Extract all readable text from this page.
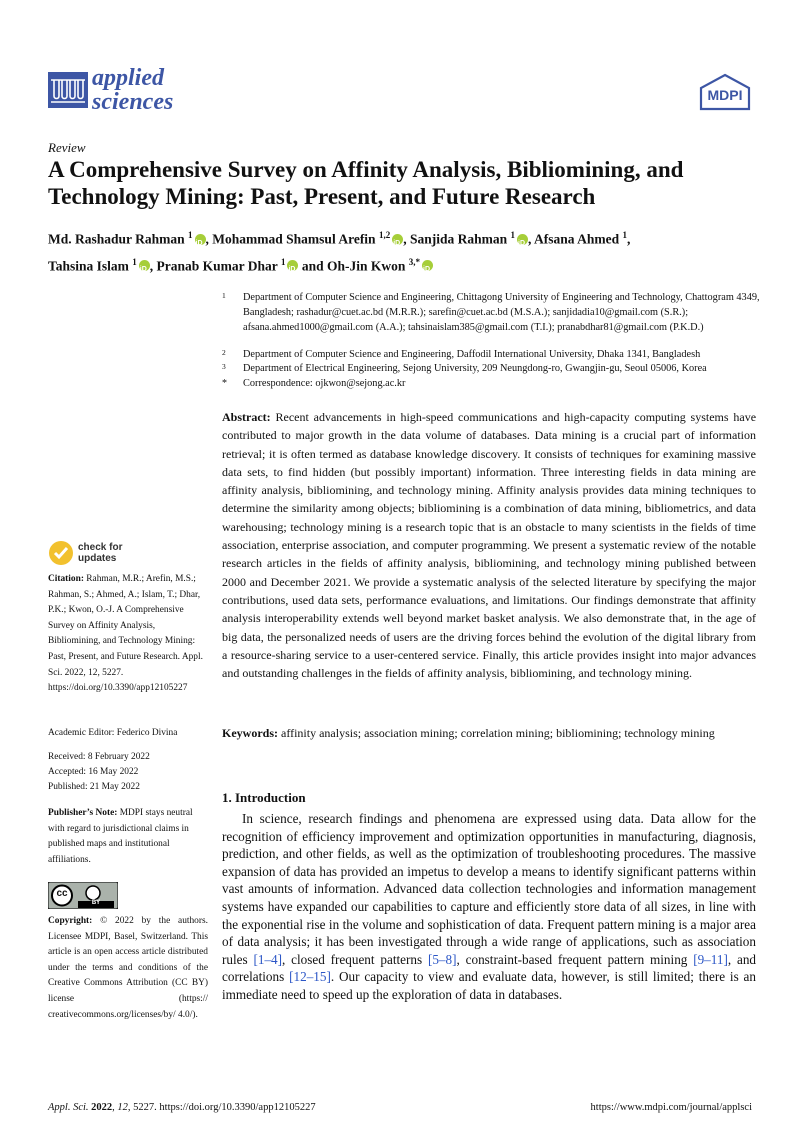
applied
sciences	MDPI
Review
A Comprehensive Survey on Affinity Analysis, Bibliomining, and Technology Mining: Past, Present, and Future Research
Md. Rashadur Rahman $^1$ iD , Mohammad Shamsul Arefin $^{1,2}$ iD , Sanjida Rahman $^1$ iD , Afsana Ahmed $^1$,
Tahsina Islam $^1$ iD , Pranab Kumar Dhar $^1$ iD and Oh-Jin Kwon $^{3,*}$iD
1 Department of Computer Science and Engineering, Chittagong University of Engineering and Technology, Chattogram 4349, Bangladesh; rashadur@cuet.ac.bd (M.R.R.); sarefin@cuet.ac.bd (M.S.A.); sanjidadia10@gmail.com (S.R.); afsana.ahmed1000@gmail.com (A.A.); tahsinaislam385@gmail.com (T.I.); pranabdhar81@gmail.com (P.K.D.)
2 Department of Computer Science and Engineering, Daffodil International University, Dhaka 1341, Bangladesh
3 Department of Electrical Engineering, Sejong University, 209 Neungdong-ro, Gwangjin-gu, Seoul 05006, Korea
* Correspondence: ojkwon@sejong.ac.kr
Abstract: Recent advancements in high-speed communications and high-capacity computing systems have contributed to major growth in the data volume of databases. Data mining is a crucial part of information retrieval; it is often termed as database knowledge discovery. It consists of techniques for examining massive data sets, to find hidden (but possibly important) information. Three interesting fields in data mining are affinity analysis, bibliomining, and technology mining. Affinity analysis provides data mining techniques to determine the similarity among objects; bibliomining is a combination of data mining, bibliometrics, and data warehousing; technology mining is a research topic that is an obstacle to many scientists in the fields of time association, enterprise association, and computer programming. We present a systematic review of the notable research articles in the fields of affinity analysis, bibliomining, and technology mining published between 2000 and December 2021. We provide a systematic analysis of the selected literature by specifying the major contributions, used data sets, performance evaluations, and limitations. Our findings demonstrate that affinity analysis interoperability extends well beyond market basket analysis. We also demonstrate that, in the age of big data, the personalized needs of users are the driving forces behind the evolution of the digital library from a resource-sharing service to a user-centered service. Finally, this article provides insight into major advances and outstanding challenges in the fields of affinity analysis, bibliomining, and technology mining.
Keywords: affinity analysis; association mining; correlation mining; bibliomining; technology mining
1. Introduction
In science, research findings and phenomena are expressed using data. Data allow for the recognition of efficiency improvement and optimization opportunities in manufacturing, diagnosis, prediction, and other fields, as well as the optimization of troubleshooting procedures. The massive expansion of data has provided an impetus to develop a means to identify significant patterns within vast amounts of information. Advanced data collection technologies and information management systems have expanded our capabilities to capture and efficiently store data of all sizes, in line with the exponential rise in the volume and sophistication of data. Frequent pattern mining is a major area of data analysis; it has been investigated through a wide range of applications, such as association rules [1–4], closed frequent patterns [5–8], constraint-based frequent pattern mining [9–11], and correlations [12–15]. Our capacity to view and evaluate data, however, is still limited; there is an immediate need to speed up the exploration of data in databases.
check for
updates
Citation: Rahman, M.R.; Arefin, M.S.; Rahman, S.; Ahmed, A.; Islam, T.; Dhar, P.K.; Kwon, O.-J. A Comprehensive Survey on Affinity Analysis, Bibliomining, and Technology Mining: Past, Present, and Future Research. Appl. Sci. 2022, 12, 5227. https://doi.org/10.3390/app12105227
Academic Editor: Federico Divina
Received: 8 February 2022
Accepted: 16 May 2022
Published: 21 May 2022
Publisher’s Note: MDPI stays neutral with regard to jurisdictional claims in published maps and institutional affiliations.
cc
BY
Copyright: © 2022 by the authors. Licensee MDPI, Basel, Switzerland. This article is an open access article distributed under the terms and conditions of the Creative Commons Attribution (CC BY) license (https:// creativecommons.org/licenses/by/ 4.0/).
Appl. Sci. 2022, 12, 5227. https://doi.org/10.3390/app12105227	https://www.mdpi.com/journal/applsci
